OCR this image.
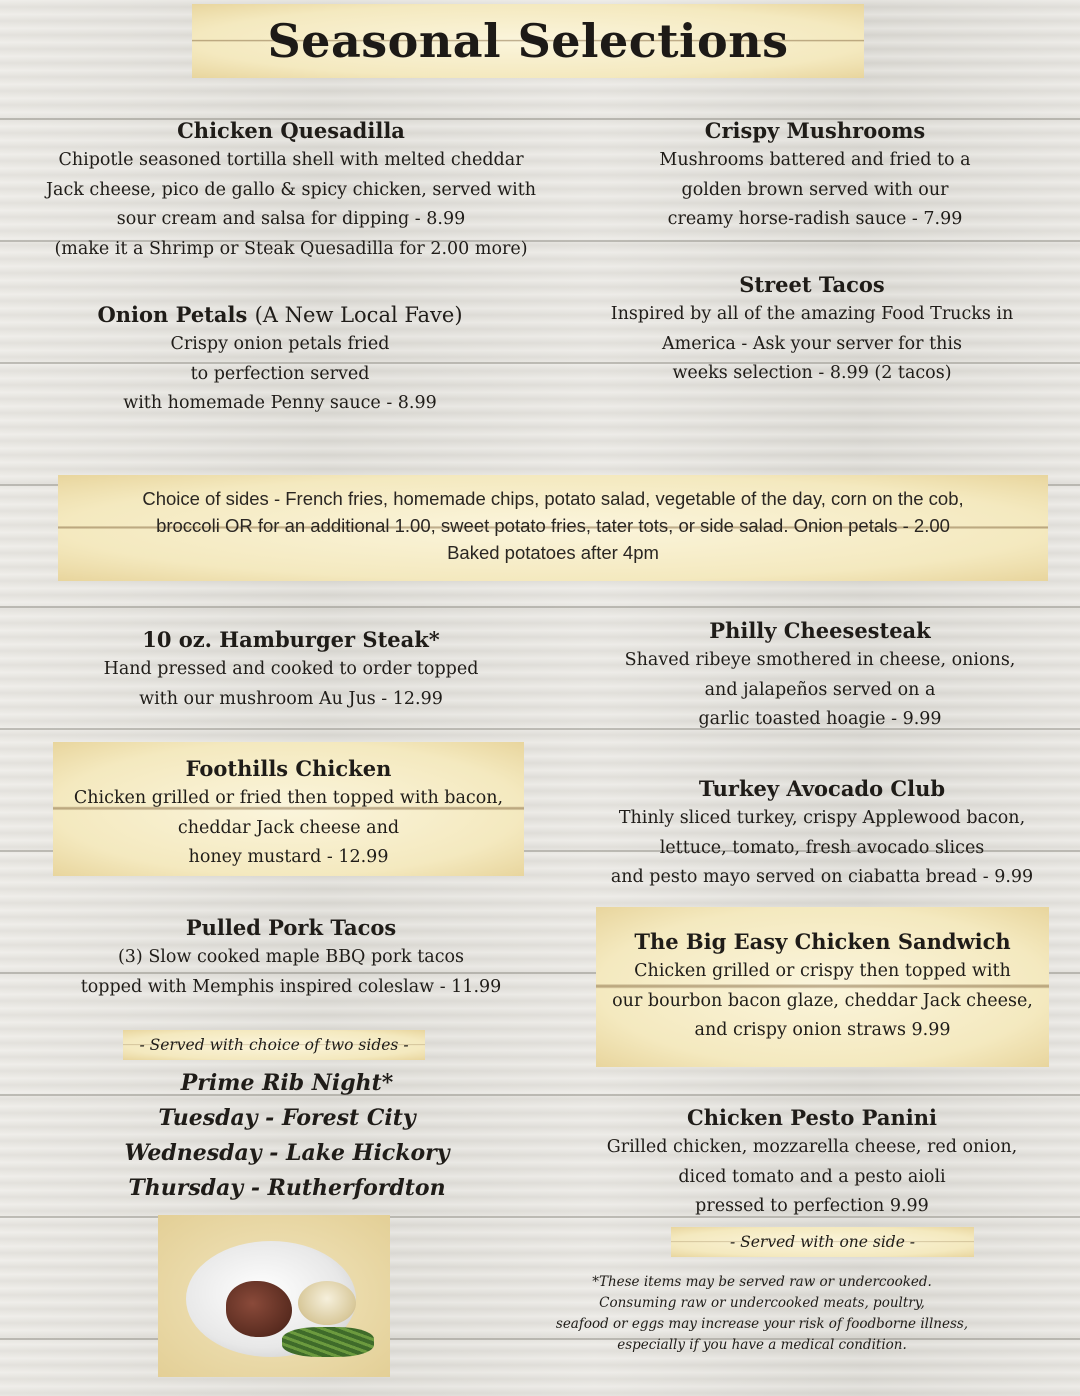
Seasonal Selections
Chicken Quesadilla
Chipotle seasoned tortilla shell with melted cheddar
Jack cheese, pico de gallo & spicy chicken, served with
sour cream and salsa for dipping - 8.99
(make it a Shrimp or Steak Quesadilla for 2.00 more)
Crispy Mushrooms
Mushrooms battered and fried to a
golden brown served with our
creamy horse-radish sauce - 7.99
Onion Petals (A New Local Fave)
Crispy onion petals fried
to perfection served
with homemade Penny sauce - 8.99
Street Tacos
Inspired by all of the amazing Food Trucks in
America - Ask your server for this
weeks selection - 8.99 (2 tacos)
Choice of sides - French fries, homemade chips, potato salad, vegetable of the day, corn on the cob,
broccoli OR for an additional 1.00, sweet potato fries, tater tots, or side salad. Onion petals - 2.00
Baked potatoes after 4pm
10 oz. Hamburger Steak*
Hand pressed and cooked to order topped
with our mushroom Au Jus - 12.99
Philly Cheesesteak
Shaved ribeye smothered in cheese, onions,
and jalapeños served on a
garlic toasted hoagie - 9.99
Foothills Chicken
Chicken grilled or fried then topped with bacon,
cheddar Jack cheese and
honey mustard - 12.99
Turkey Avocado Club
Thinly sliced turkey, crispy Applewood bacon,
lettuce, tomato, fresh avocado slices
and pesto mayo served on ciabatta bread - 9.99
Pulled Pork Tacos
(3) Slow cooked maple BBQ pork tacos
topped with Memphis inspired coleslaw - 11.99
The Big Easy Chicken Sandwich
Chicken grilled or crispy then topped with
our bourbon bacon glaze, cheddar Jack cheese,
and crispy onion straws 9.99
- Served with choice of two sides -
Prime Rib Night*
Tuesday - Forest City
Wednesday - Lake Hickory
Thursday - Rutherfordton
Chicken Pesto Panini
Grilled chicken, mozzarella cheese, red onion,
diced tomato and a pesto aioli
pressed to perfection 9.99
- Served with one side -
*These items may be served raw or undercooked.
Consuming raw or undercooked meats, poultry,
seafood or eggs may increase your risk of foodborne illness,
especially if you have a medical condition.
